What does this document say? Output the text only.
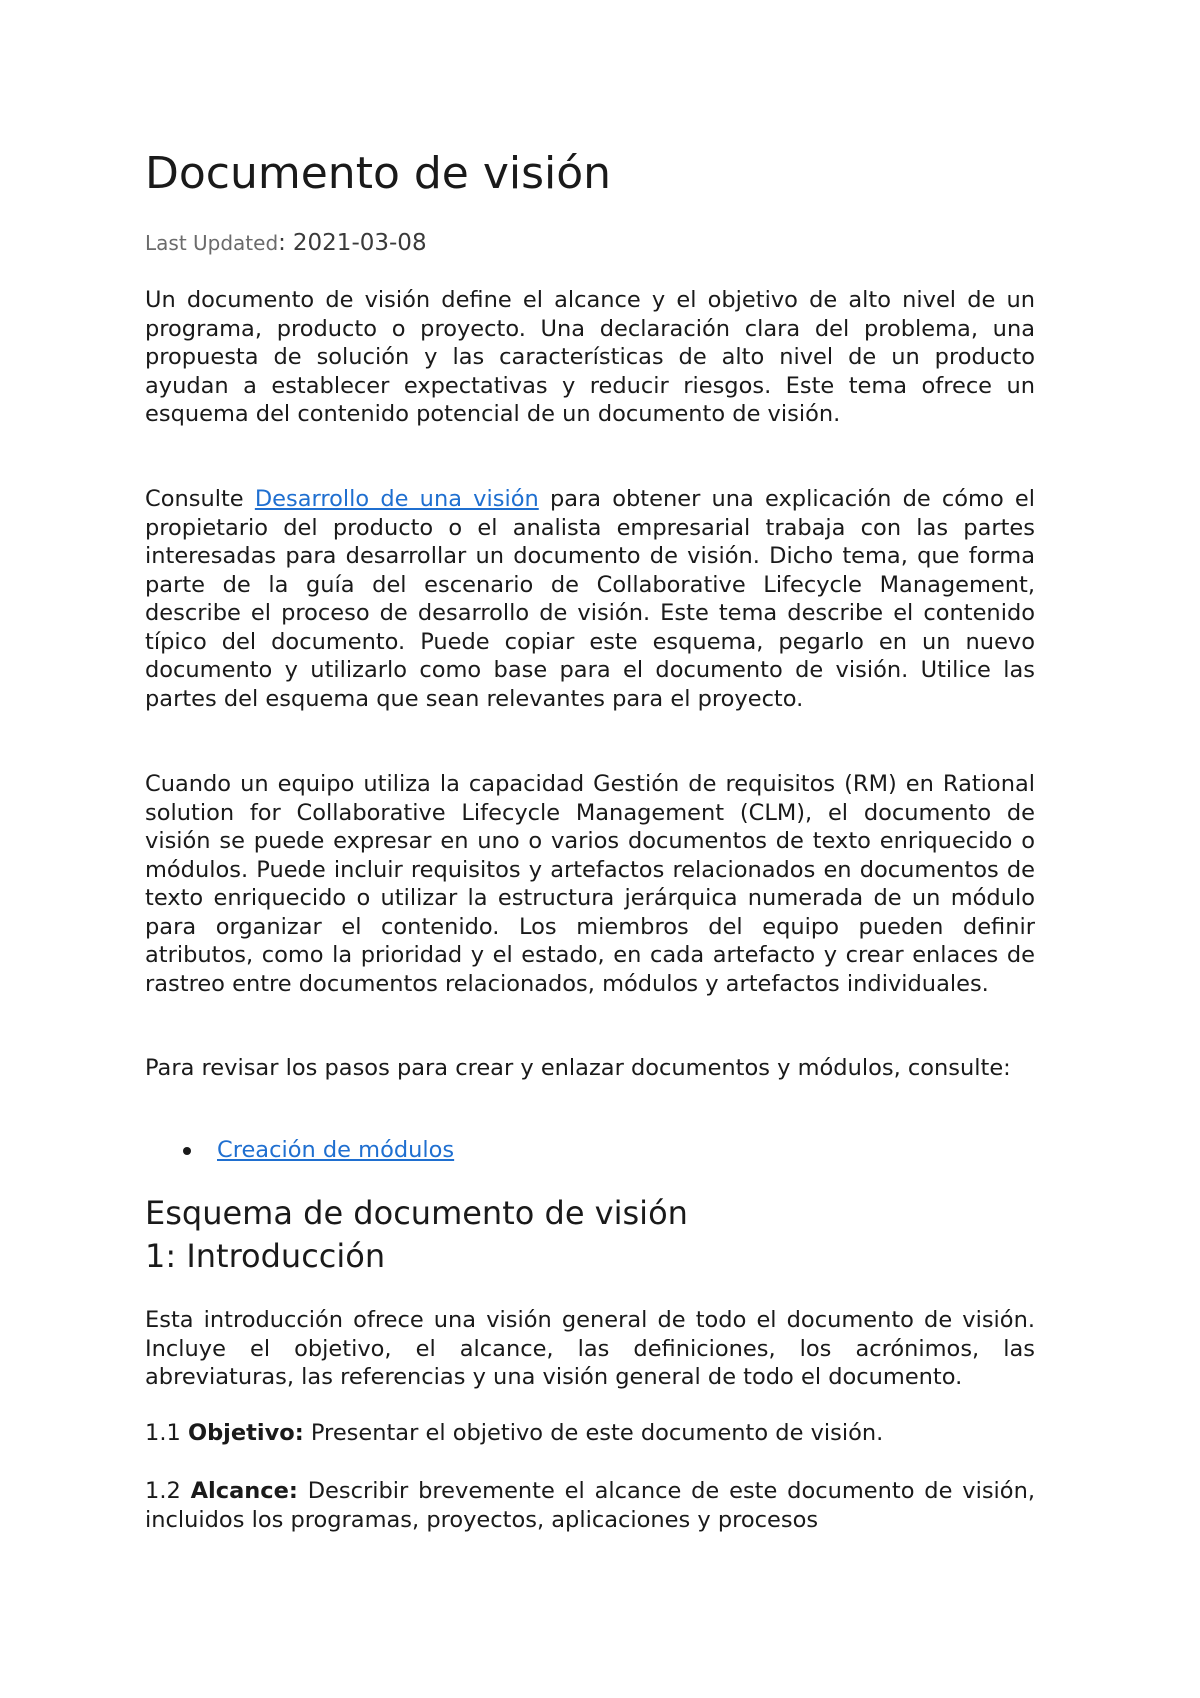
Documento de visión
Last Updated: 2021-03-08

Un documento de visión define el alcance y el objetivo de alto nivel de un programa, producto o proyecto. Una declaración clara del problema, una propuesta de solución y las características de alto nivel de un producto ayudan a establecer expectativas y reducir riesgos. Este tema ofrece un esquema del contenido potencial de un documento de visión.

Consulte Desarrollo de una visión para obtener una explicación de cómo el propietario del producto o el analista empresarial trabaja con las partes interesadas para desarrollar un documento de visión. Dicho tema, que forma parte de la guía del escenario de Collaborative Lifecycle Management, describe el proceso de desarrollo de visión. Este tema describe el contenido típico del documento. Puede copiar este esquema, pegarlo en un nuevo documento y utilizarlo como base para el documento de visión. Utilice las partes del esquema que sean relevantes para el proyecto.

Cuando un equipo utiliza la capacidad Gestión de requisitos (RM) en Rational solution for Collaborative Lifecycle Management (CLM), el documento de visión se puede expresar en uno o varios documentos de texto enriquecido o módulos. Puede incluir requisitos y artefactos relacionados en documentos de texto enriquecido o utilizar la estructura jerárquica numerada de un módulo para organizar el contenido. Los miembros del equipo pueden definir atributos, como la prioridad y el estado, en cada artefacto y crear enlaces de rastreo entre documentos relacionados, módulos y artefactos individuales.

Para revisar los pasos para crear y enlazar documentos y módulos, consulte:

Creación de módulos
Esquema de documento de visión
1: Introducción

Esta introducción ofrece una visión general de todo el documento de visión. Incluye el objetivo, el alcance, las definiciones, los acrónimos, las abreviaturas, las referencias y una visión general de todo el documento.

1.1 Objetivo: Presentar el objetivo de este documento de visión.

1.2 Alcance: Describir brevemente el alcance de este documento de visión, incluidos los programas, proyectos, aplicaciones y procesos
